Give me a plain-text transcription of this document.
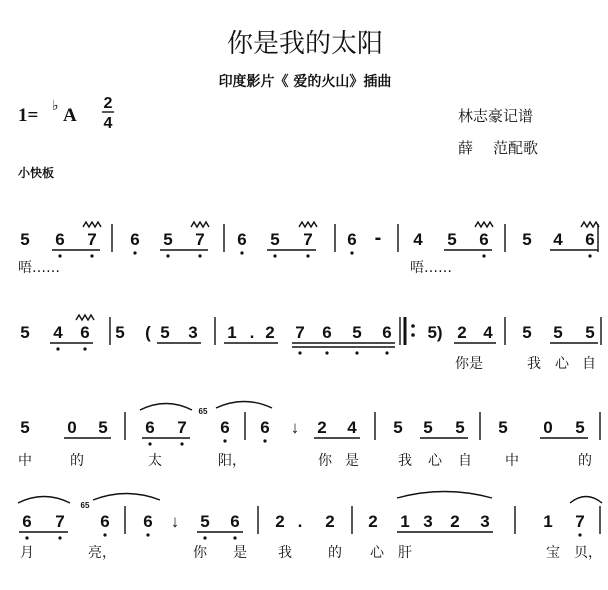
你是我的太阳
印度影片《 爱的火山》插曲
1= ♭ A
2
4	林志豪记谱
薛 范配歌
小快板
5 6 7 6 5 7 6 5 7 6 - 4 5 6 5 4 6
唔……	唔……
5 4 6 5 ( 5 3 1 . 2 7 6 5 6 5) 2 4 5 5 5
你是	我 心 自
5 0 5 6 7
65
6 6 ↓ 2 4 5 5 5 5 0 5
中	的	太	阳，	你 是	我 心 自 中	的
6 7
65
6 6 ↓ 5 6 2 . 2 2 1 3 2 3	1 7
月	亮，	你 是 我	的 心 肝	宝 贝，
